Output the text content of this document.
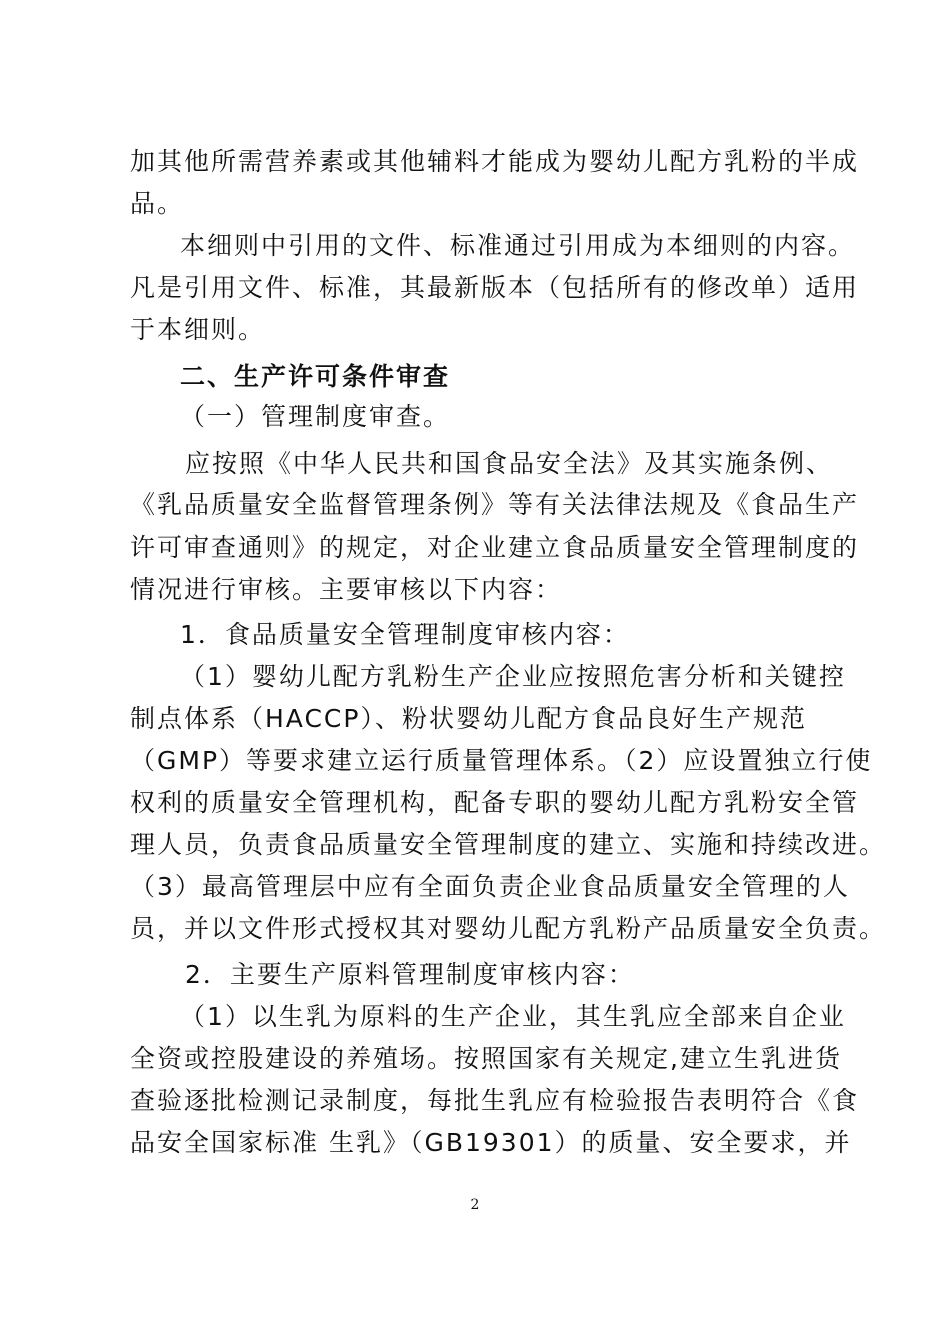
加其他所需营养素或其他辅料才能成为婴幼儿配方乳粉的半成
品。
本细则中引用的文件、标准通过引用成为本细则的内容。
凡是引用文件、标准，其最新版本（包括所有的修改单）适用
于本细则。
二、生产许可条件审查
（一）管理制度审查。
应按照《中华人民共和国食品安全法》及其实施条例、
《乳品质量安全监督管理条例》等有关法律法规及《食品生产
许可审查通则》的规定，对企业建立食品质量安全管理制度的
情况进行审核。主要审核以下内容：
1．食品质量安全管理制度审核内容：
（1）婴幼儿配方乳粉生产企业应按照危害分析和关键控
制点体系（HACCP）、粉状婴幼儿配方食品良好生产规范
（GMP）等要求建立运行质量管理体系。（2）应设置独立行使
权利的质量安全管理机构，配备专职的婴幼儿配方乳粉安全管
理人员，负责食品质量安全管理制度的建立、实施和持续改进。
（3）最高管理层中应有全面负责企业食品质量安全管理的人
员，并以文件形式授权其对婴幼儿配方乳粉产品质量安全负责。
2．主要生产原料管理制度审核内容：
（1）以生乳为原料的生产企业，其生乳应全部来自企业
全资或控股建设的养殖场。按照国家有关规定,建立生乳进货
查验逐批检测记录制度，每批生乳应有检验报告表明符合《食
品安全国家标准 生乳》（GB19301）的质量、安全要求，并
2
